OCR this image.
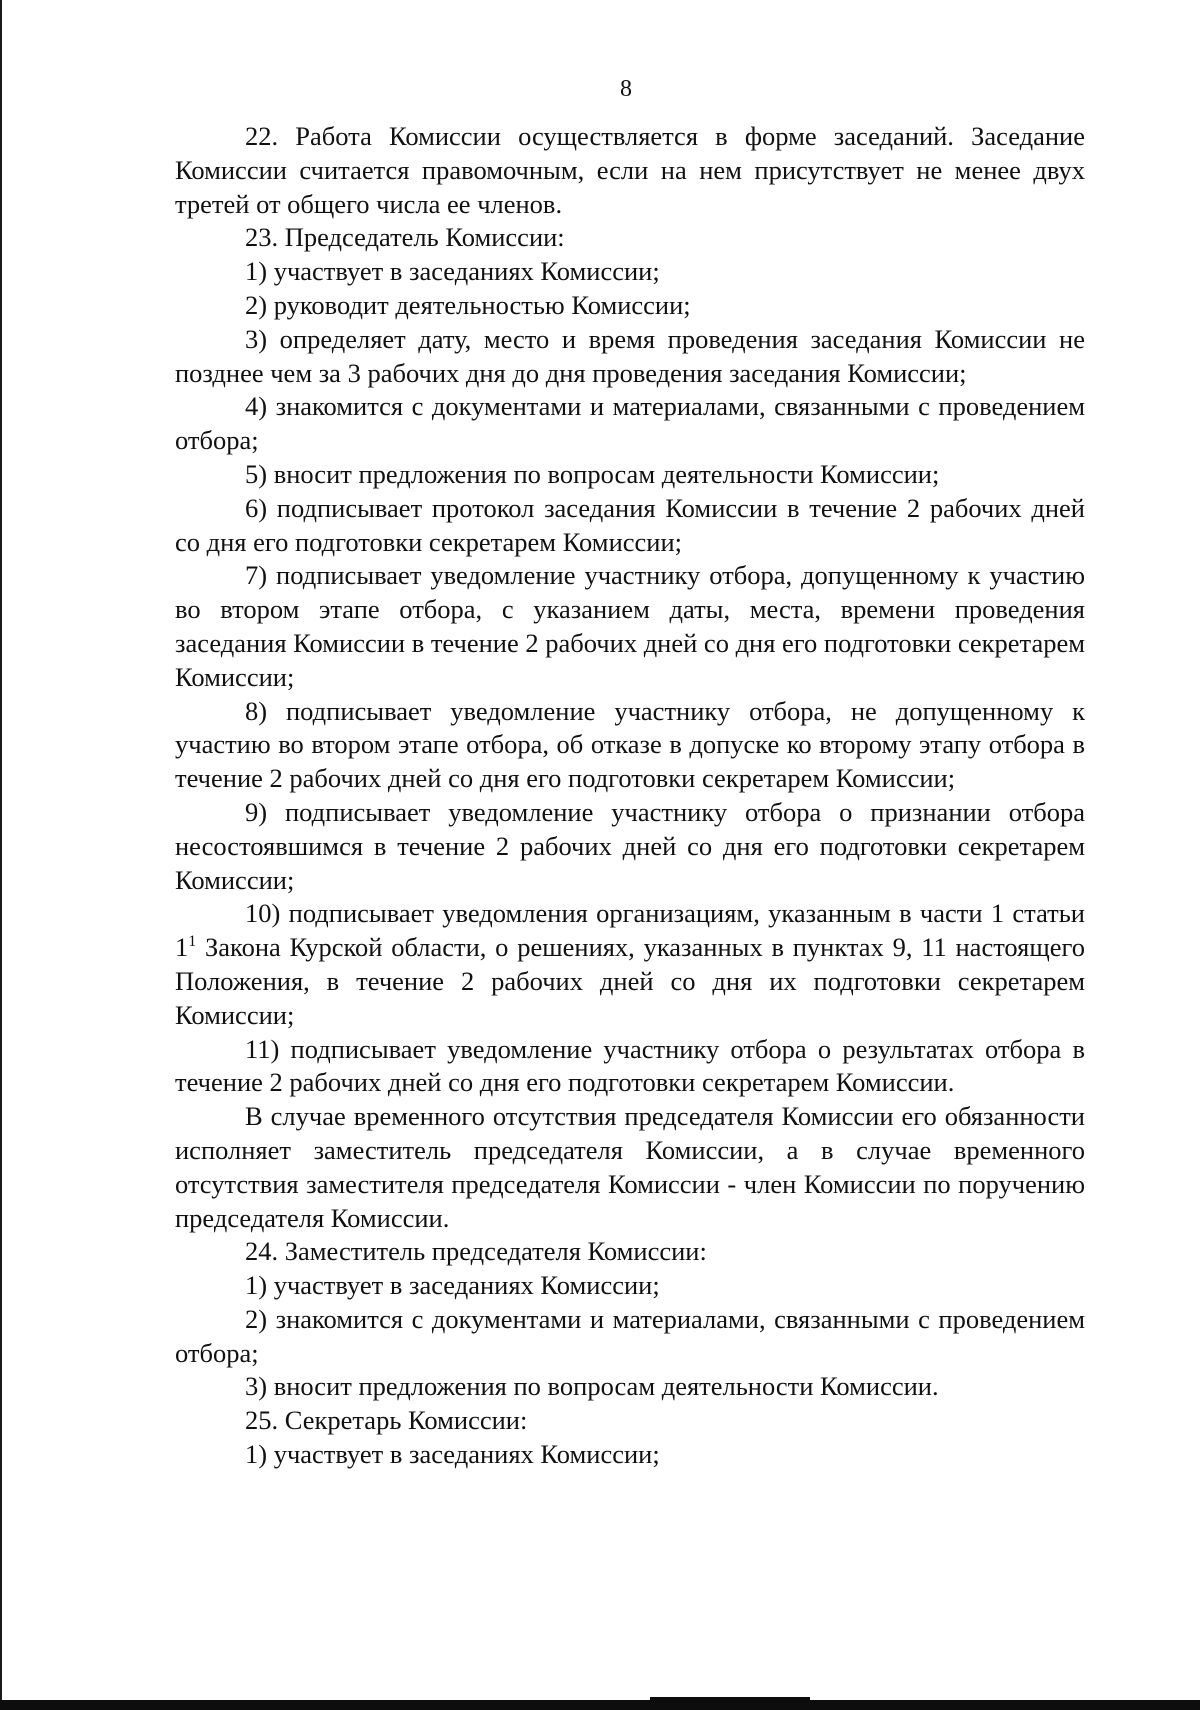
8

22. Работа Комиссии осуществляется в форме заседаний. Заседание Комиссии считается правомочным, если на нем присутствует не менее двух третей от общего числа ее членов.

23. Председатель Комиссии:

1) участвует в заседаниях Комиссии;

2) руководит деятельностью Комиссии;

3) определяет дату, место и время проведения заседания Комиссии не позднее чем за 3 рабочих дня до дня проведения заседания Комиссии;

4) знакомится с документами и материалами, связанными с проведением отбора;

5) вносит предложения по вопросам деятельности Комиссии;

6) подписывает протокол заседания Комиссии в течение 2 рабочих дней со дня его подготовки секретарем Комиссии;

7) подписывает уведомление участнику отбора, допущенному к участию во втором этапе отбора, с указанием даты, места, времени проведения заседания Комиссии в течение 2 рабочих дней со дня его подготовки секретарем Комиссии;

8) подписывает уведомление участнику отбора, не допущенному к участию во втором этапе отбора, об отказе в допуске ко второму этапу отбора в течение 2 рабочих дней со дня его подготовки секретарем Комиссии;

9) подписывает уведомление участнику отбора о признании отбора несостоявшимся в течение 2 рабочих дней со дня его подготовки секретарем Комиссии;

10) подписывает уведомления организациям, указанным в части 1 статьи $1^1$ Закона Курской области, о решениях, указанных в пунктах 9, 11 настоящего Положения, в течение 2 рабочих дней со дня их подготовки секретарем Комиссии;

11) подписывает уведомление участнику отбора о результатах отбора в течение 2 рабочих дней со дня его подготовки секретарем Комиссии.

В случае временного отсутствия председателя Комиссии его обязанности исполняет заместитель председателя Комиссии, а в случае временного отсутствия заместителя председателя Комиссии - член Комиссии по поручению председателя Комиссии.

24. Заместитель председателя Комиссии:

1) участвует в заседаниях Комиссии;

2) знакомится с документами и материалами, связанными с проведением отбора;

3) вносит предложения по вопросам деятельности Комиссии.

25. Секретарь Комиссии:

1) участвует в заседаниях Комиссии;
